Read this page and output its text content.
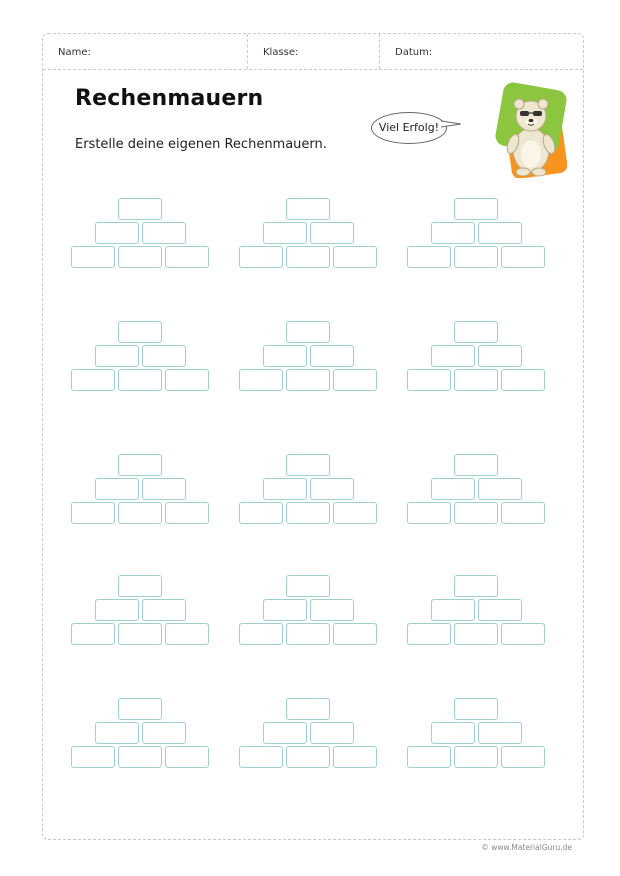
Name:	Klasse:	Datum:
Rechenmauern
Erstelle deine eigenen Rechenmauern.
Viel Erfolg!
© www.MaterialGuru.de
